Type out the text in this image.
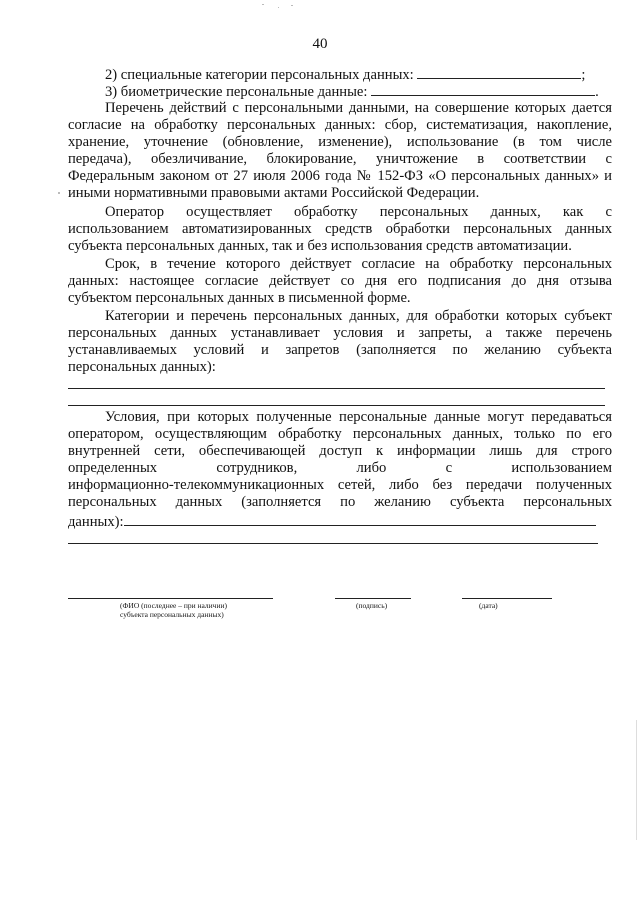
40
2) специальные категории персональных данных:	;
3) биометрические персональные данные:	.
Перечень действий с персональными данными, на совершение которых дается
согласие на обработку персональных данных: сбор, систематизация, накопление,
хранение, уточнение (обновление, изменение), использование (в том числе
передача), обезличивание, блокирование, уничтожение в соответствии с
Федеральным законом от 27 июля 2006 года № 152-ФЗ «О персональных данных» и
иными нормативными правовыми актами Российской Федерации.
Оператор осуществляет обработку персональных данных, как с
использованием автоматизированных средств обработки персональных данных
субъекта персональных данных, так и без использования средств автоматизации.
Срок, в течение которого действует согласие на обработку персональных
данных: настоящее согласие действует со дня его подписания до дня отзыва
субъектом персональных данных в письменной форме.
Категории и перечень персональных данных, для обработки которых субъект
персональных данных устанавливает условия и запреты, а также перечень
устанавливаемых условий и запретов (заполняется по желанию субъекта
персональных данных):
Условия, при которых полученные персональные данные могут передаваться
оператором, осуществляющим обработку персональных данных, только по его
внутренней сети, обеспечивающей доступ к информации лишь для строго
определенных сотрудников, либо с использованием
информационно-телекоммуникационных сетей, либо без передачи полученных
персональных данных (заполняется по желанию субъекта персональных
данных):
(ФИО (последнее – при наличии)
субъекта персональных данных)
(подпись)	(дата)
